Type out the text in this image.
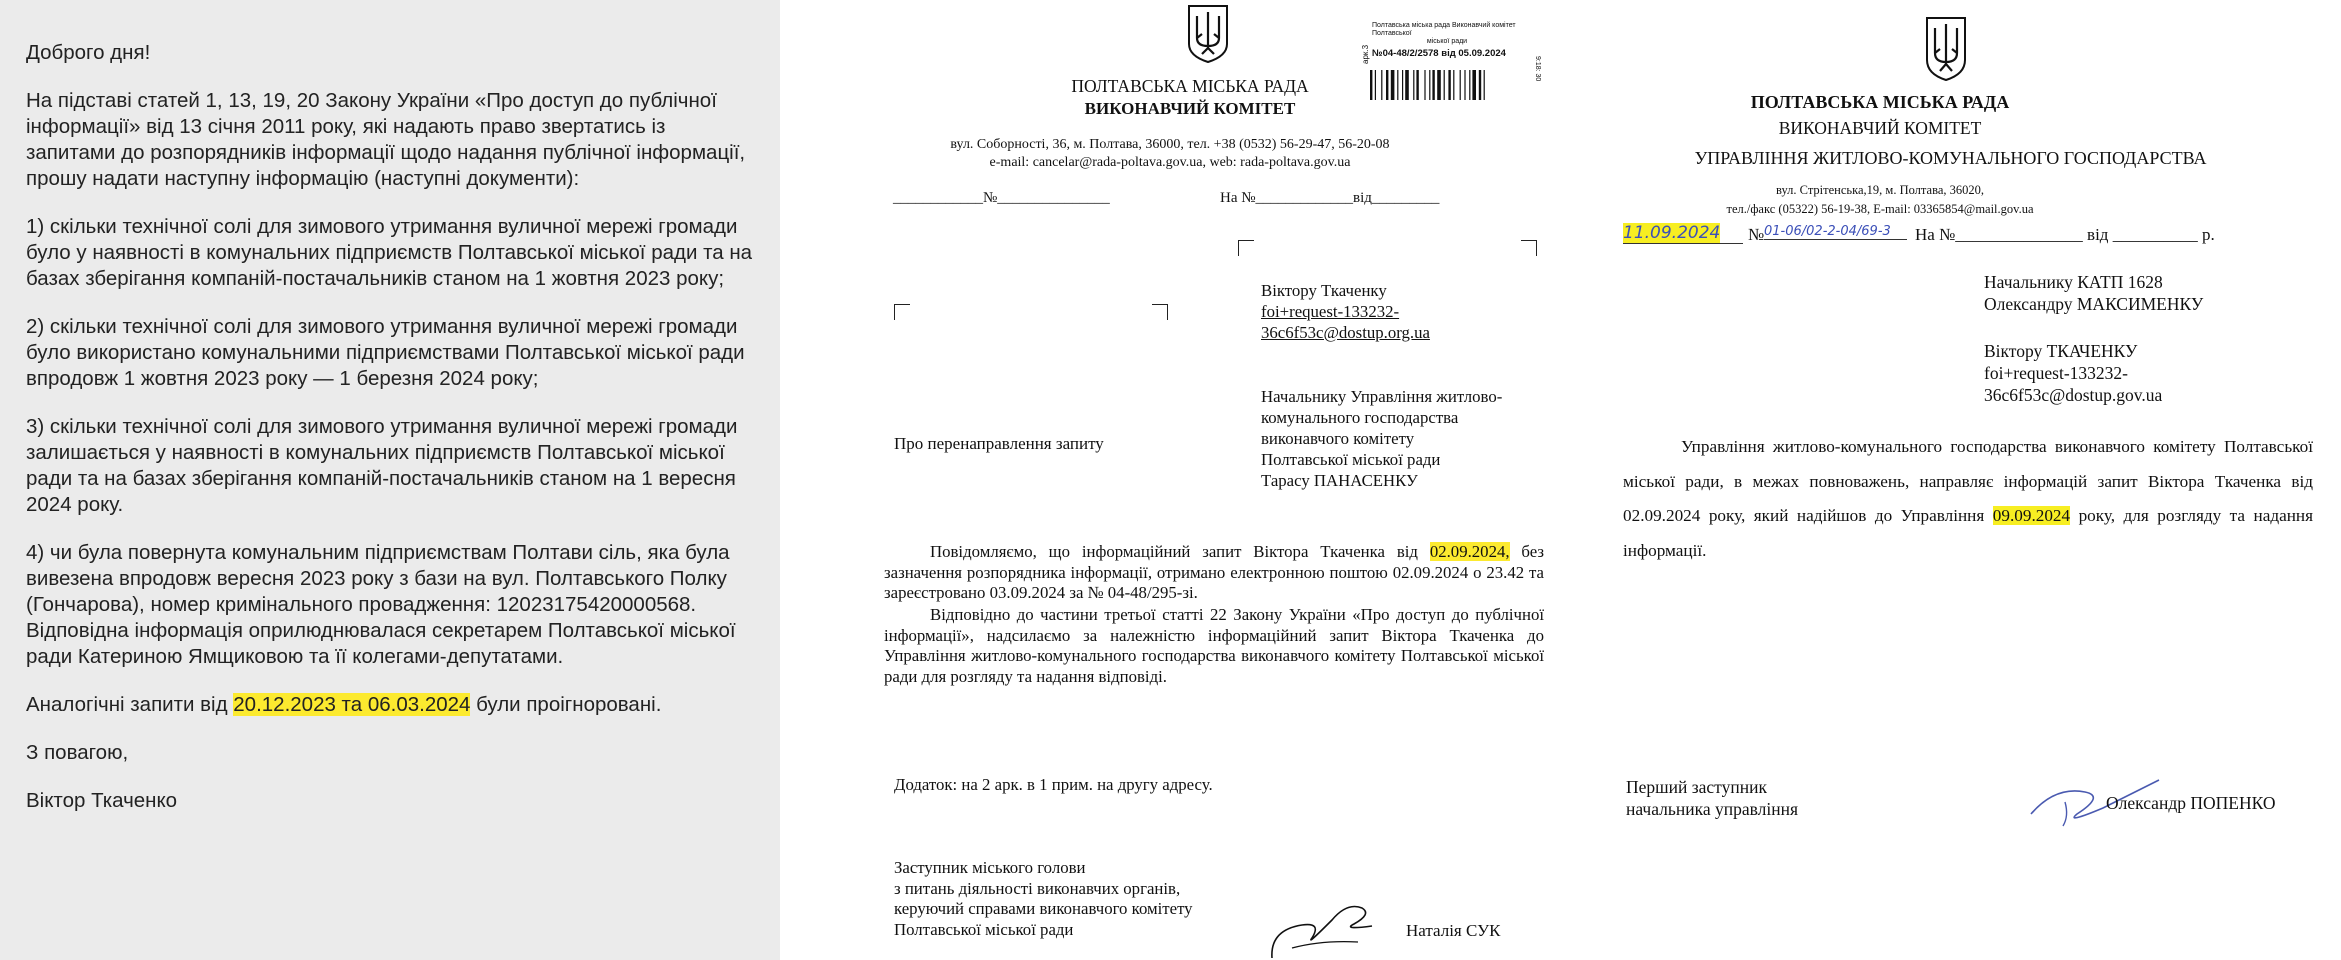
Доброго дня!

На підставі статей 1, 13, 19, 20 Закону України «Про доступ до публічної інформації» від 13 січня 2011 року, які надають право звертатись із запитами до розпорядників інформації щодо надання публічної інформації, прошу надати наступну інформацію (наступні документи):

1) скільки технічної солі для зимового утримання вуличної мережі громади було у наявності в комунальних підприємств Полтавської міської ради та на базах зберігання компаній-постачальників станом на 1 жовтня 2023 року;

2) скільки технічної солі для зимового утримання вуличної мережі громади було використано комунальними підприємствами Полтавської міської ради впродовж 1 жовтня 2023 року — 1 березня 2024 року;

3) скільки технічної солі для зимового утримання вуличної мережі громади залишається у наявності в комунальних підприємств Полтавської міської ради та на базах зберігання компаній-постачальників станом на 1 вересня 2024 року.

4) чи була повернута комунальним підприємствам Полтави сіль, яка була вивезена впродовж вересня 2023 року з бази на вул. Полтавського Полку (Гончарова), номер кримінального провадження: 12023175420000568. Відповідна інформація оприлюднювалася секретарем Полтавської міської ради Катериною Ямщиковою та її колегами-депутатами.

Аналогічні запити від 20.12.2023 та 06.03.2024 були проігноровані.

З повагою,

Віктор Ткаченко

Полтавська міська рада Виконавчий комітет Полтавської
міської ради
№04-48/2/2578 від 05.09.2024
арк.3
9:18: 30
ПОЛТАВСЬКА МІСЬКА РАДА
ВИКОНАВЧИЙ КОМІТЕТ
вул. Соборності, 36, м. Полтава, 36000, тел. +38 (0532) 56-29-47, 56-20-08
e-mail: cancelar@rada-poltava.gov.ua, web: rada-poltava.gov.ua
____________№_______________	На №_____________від_________
Віктору Ткаченку
foi+request-133232-
36c6f53c@dostup.org.ua
Начальнику Управління житлово-
комунального господарства
виконавчого комітету
Полтавської міської ради
Тарасу ПАНАСЕНКУ
Про перенаправлення запиту
Повідомляємо, що інформаційний запит Віктора Ткаченка від 02.09.2024, без зазначення розпорядника інформації, отримано електронною поштою 02.09.2024 о 23.42 та зареєстровано 03.09.2024 за № 04-48/295-зі.
Відповідно до частини третьої статті 22 Закону України «Про доступ до публічної інформації», надсилаємо за належністю інформаційний запит Віктора Ткаченка до Управління житлово-комунального господарства виконавчого комітету Полтавської міської ради для розгляду та надання відповіді.
Додаток: на 2 арк. в 1 прим. на другу адресу.
Заступник міського голови
з питань діяльності виконавчих органів,
керуючий справами виконавчого комітету
Полтавської міської ради	Наталія СУК
ПОЛТАВСЬКА МІСЬКА РАДА
ВИКОНАВЧИЙ КОМІТЕТ
УПРАВЛІННЯ ЖИТЛОВО-КОМУНАЛЬНОГО ГОСПОДАРСТВА
вул. Стрітенська,19, м. Полтава, 36020,
тел./факс (05322) 56-19-38, E-mail: 03365854@mail.gov.ua
11.09.2024	№ 01-06/02-2-04/69-3	На №_______________ від __________ р.
Начальнику КАТП 1628
Олександру МАКСИМЕНКУ
Віктору ТКАЧЕНКУ
foi+request-133232-
36c6f53c@dostup.gov.ua
Управління житлово-комунального господарства виконавчого комітету Полтавської міської ради, в межах повноважень, направляє інформацій запит Віктора Ткаченка від 02.09.2024 року, який надійшов до Управління 09.09.2024 року, для розгляду та надання інформації.
Перший заступник
начальника управління	Олександр ПОПЕНКО
